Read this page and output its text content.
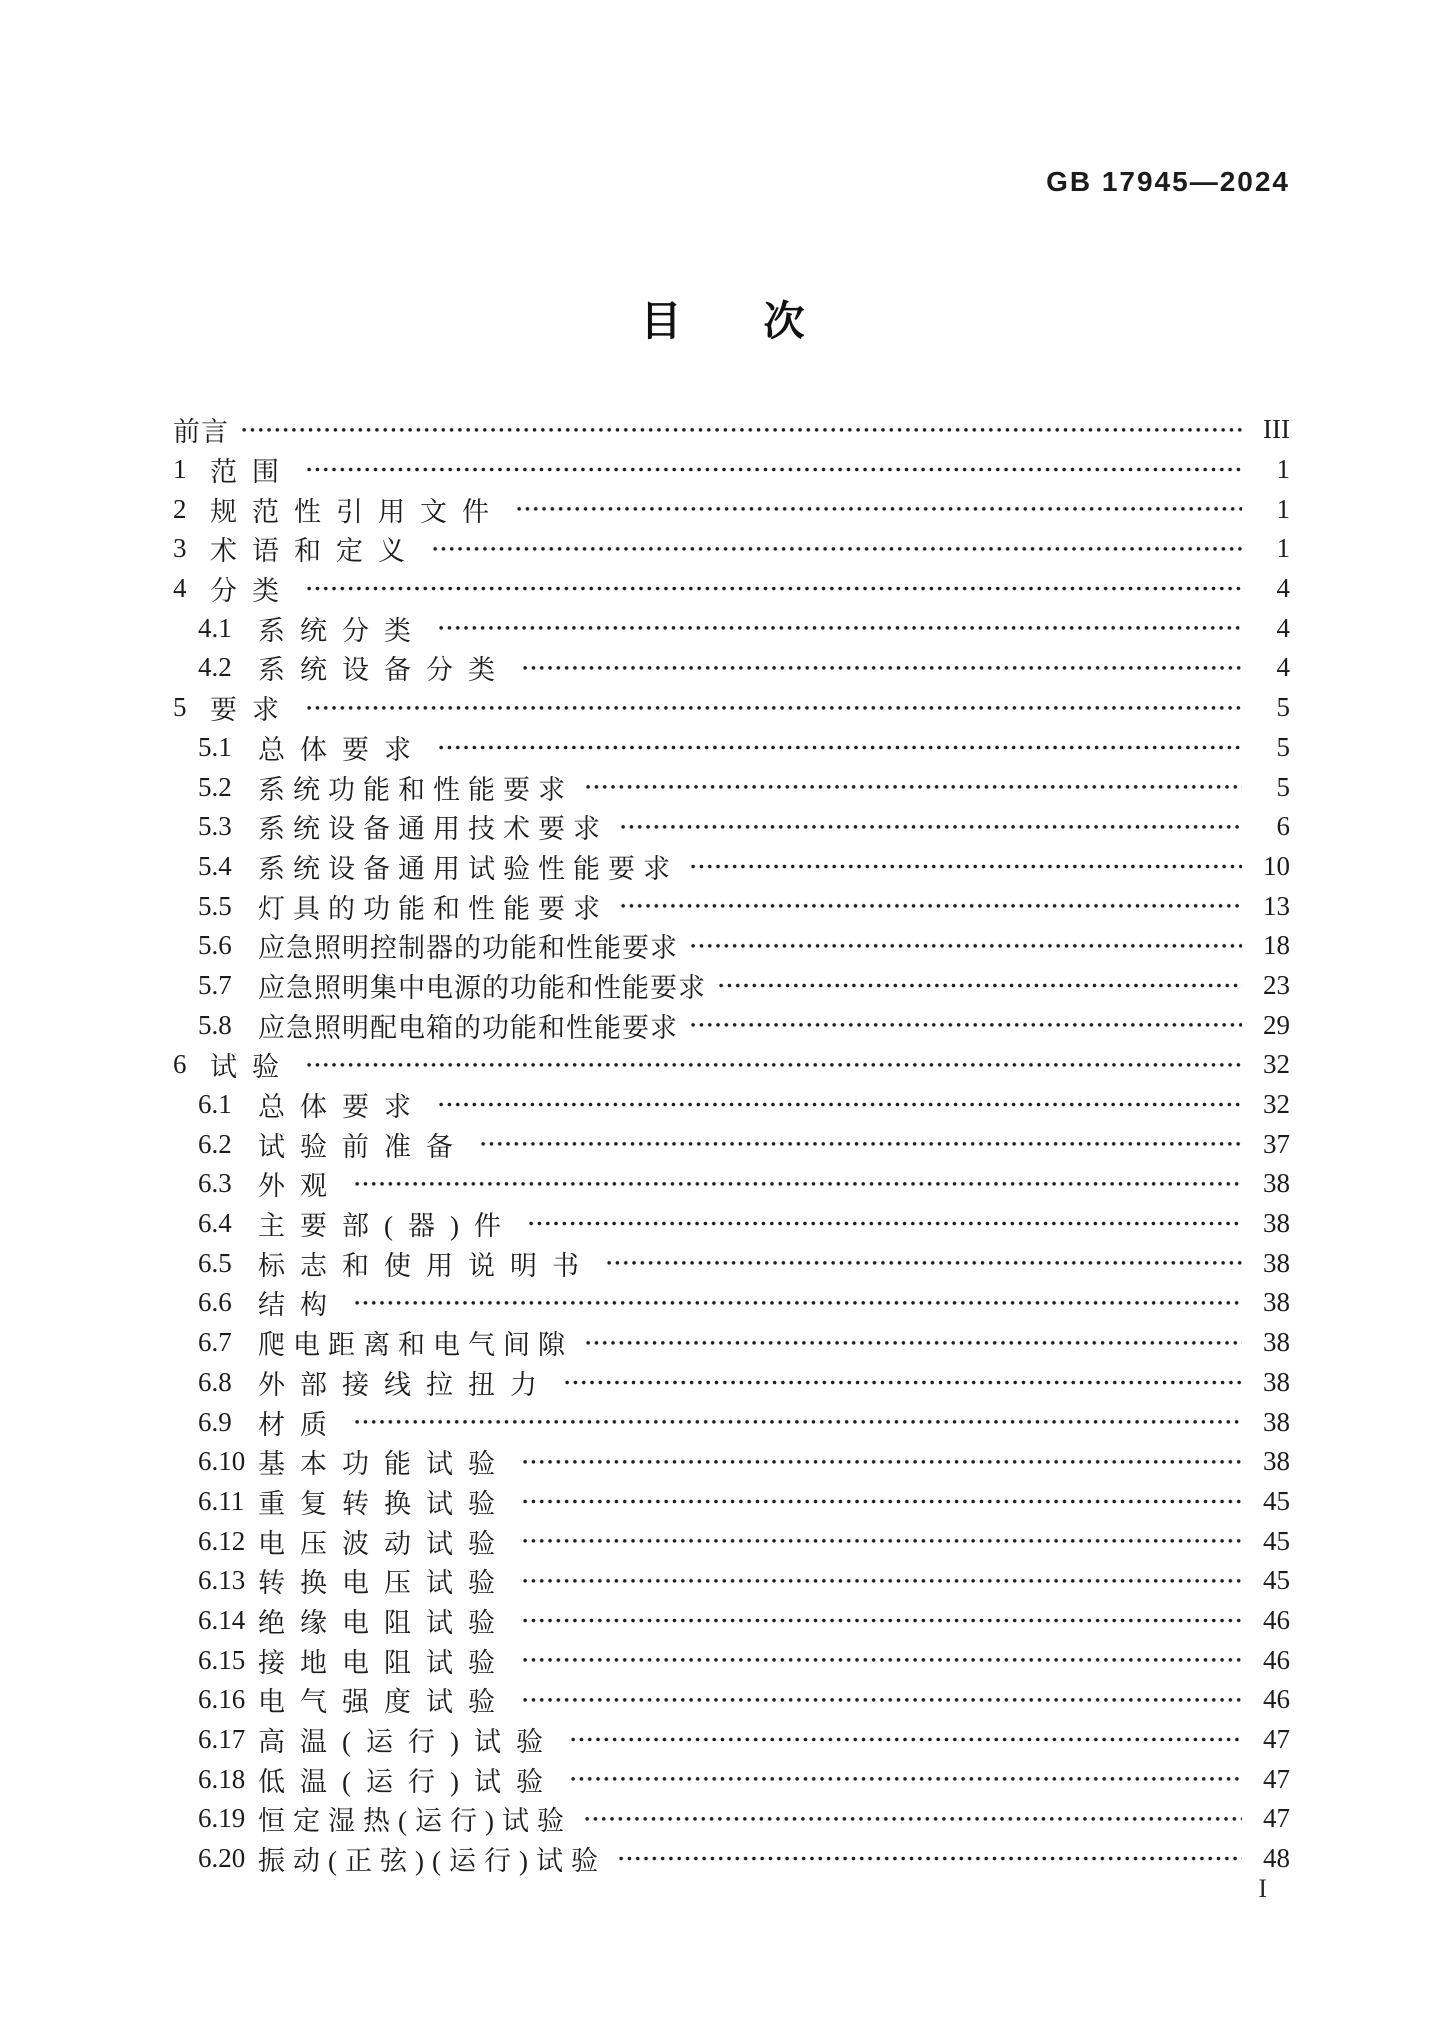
GB 17945—2024
目　　次
前言	III
1 范围	1
2 规范性引用文件	1
3 术语和定义	1
4 分类	4
4.1 系统分类	4
4.2 系统设备分类	4
5 要求	5
5.1 总体要求	5
5.2 系统功能和性能要求	5
5.3 系统设备通用技术要求	6
5.4 系统设备通用试验性能要求	10
5.5 灯具的功能和性能要求	13
5.6 应急照明控制器的功能和性能要求	18
5.7 应急照明集中电源的功能和性能要求	23
5.8 应急照明配电箱的功能和性能要求	29
6 试验	32
6.1 总体要求	32
6.2 试验前准备	37
6.3 外观	38
6.4 主要部(器)件	38
6.5 标志和使用说明书	38
6.6 结构	38
6.7 爬电距离和电气间隙	38
6.8 外部接线拉扭力	38
6.9 材质	38
6.10 基本功能试验	38
6.11 重复转换试验	45
6.12 电压波动试验	45
6.13 转换电压试验	45
6.14 绝缘电阻试验	46
6.15 接地电阻试验	46
6.16 电气强度试验	46
6.17 高温(运行)试验	47
6.18 低温(运行)试验	47
6.19 恒定湿热(运行)试验	47
6.20 振动(正弦)(运行)试验	48
I
